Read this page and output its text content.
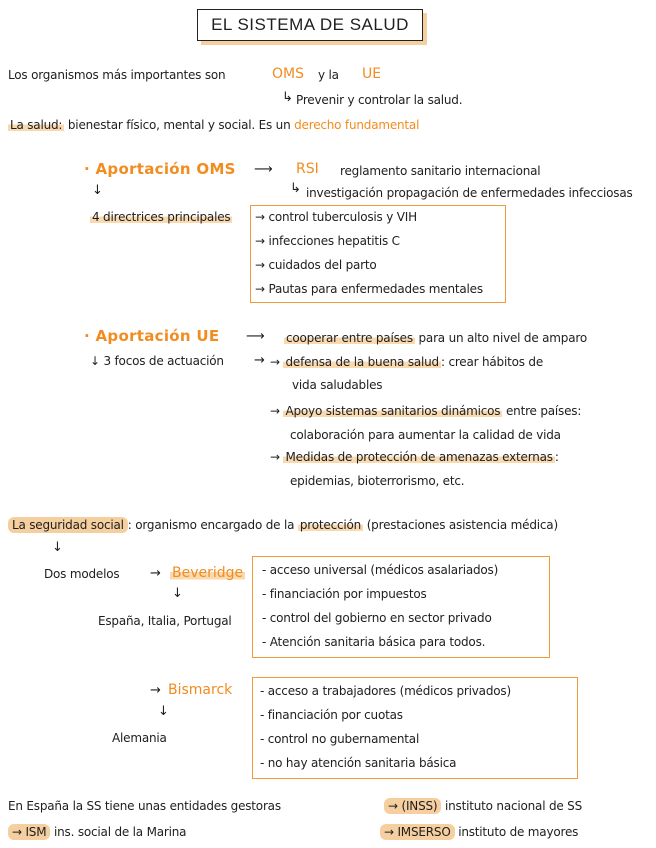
EL SISTEMA DE SALUD
Los organismos más importantes son	OMS y la UE
↳ Prevenir y controlar la salud.
La salud: bienestar físico, mental y social. Es un derecho fundamental
· Aportación OMS ⟶ RSI reglamento sanitario internacional
↳ investigación propagación de enfermedades infecciosas
↓
4 directrices principales → control tuberculosis y VIH
→ infecciones hepatitis C
→ cuidados del parto
→ Pautas para enfermedades mentales
· Aportación UE ⟶ cooperar entre países para un alto nivel de amparo
↓ 3 focos de actuación → → defensa de la buena salud : crear hábitos de
vida saludables
→ Apoyo sistemas sanitarios dinámicos entre países:
colaboración para aumentar la calidad de vida
→ Medidas de protección de amenazas externas :
epidemias, bioterrorismo, etc.
La seguridad social : organismo encargado de la protección (prestaciones asistencia médica)
↓
Dos modelos → Beveridge
↓
España, Italia, Portugal
- acceso universal (médicos asalariados)
- financiación por impuestos
- control del gobierno en sector privado
- Atención sanitaria básica para todos.
→ Bismarck
↓
Alemania
- acceso a trabajadores (médicos privados)
- financiación por cuotas
- control no gubernamental
- no hay atención sanitaria básica
En España la SS tiene unas entidades gestoras	→ (INSS) instituto nacional de SS
→ ISM ins. social de la Marina	→ IMSERSO instituto de mayores
